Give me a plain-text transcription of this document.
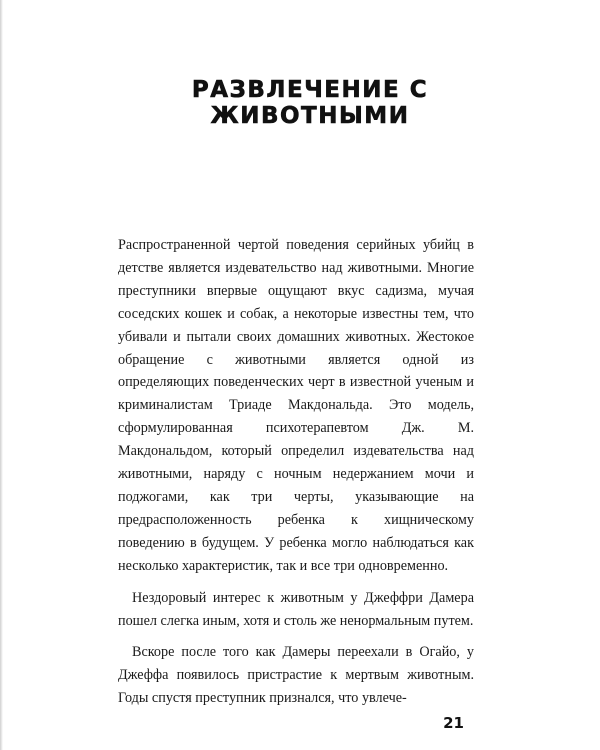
РАЗВЛЕЧЕНИЕ С ЖИВОТНЫМИ

Распространенной чертой поведения серийных убийц в детстве является издевательство над животными. Многие преступники впервые ощущают вкус садизма, мучая соседских кошек и собак, а некоторые известны тем, что убивали и пытали своих домашних животных. Жестокое обращение с животными является одной из определяющих поведенческих черт в известной ученым и криминалистам Триаде Макдональда. Это модель, сформулированная психотерапевтом Дж. М. Макдональдом, который определил издевательства над животными, наряду с ночным недержанием мочи и поджогами, как три черты, указывающие на предрасположенность ребенка к хищническому поведению в будущем. У ребенка могло наблюдаться как несколько характеристик, так и все три одновременно.

Нездоровый интерес к животным у Джеффри Дамера пошел слегка иным, хотя и столь же ненормальным путем.

Вскоре после того как Дамеры переехали в Огайо, у Джеффа появилось пристрастие к мертвым животным. Годы спустя преступник признался, что увлече-

21
